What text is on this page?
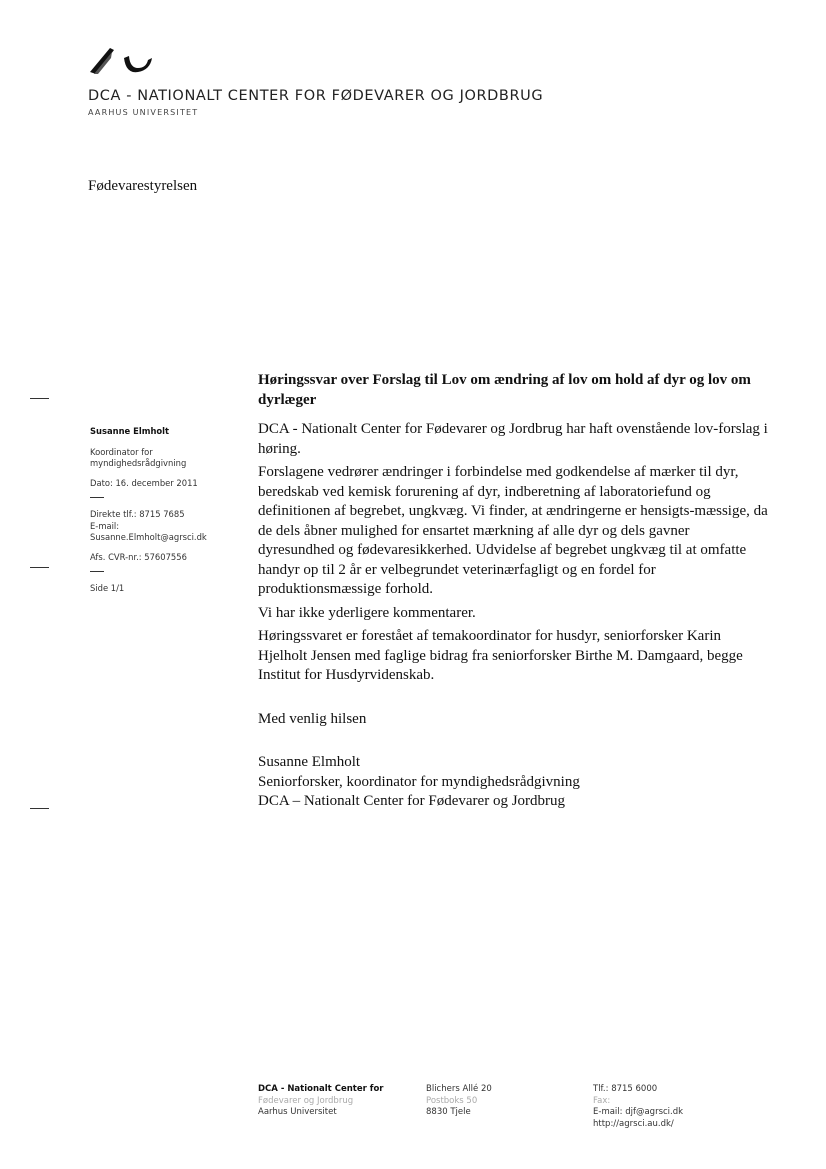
DCA - NATIONALT CENTER FOR FØDEVARER OG JORDBRUG
AARHUS UNIVERSITET
Fødevarestyrelsen
Høringssvar over Forslag til Lov om ændring af lov om hold af dyr og lov om dyrlæger
Susanne Elmholt
Koordinator for myndighedsrådgivning
Dato: 16. december 2011
Direkte tlf.: 8715 7685
E-mail:
Susanne.Elmholt@agrsci.dk
Afs. CVR-nr.: 57607556
Side 1/1

DCA - Nationalt Center for Fødevarer og Jordbrug har haft ovenstående lov-forslag i høring.

Forslagene vedrører ændringer i forbindelse med godkendelse af mærker til dyr, beredskab ved kemisk forurening af dyr, indberetning af laboratoriefund og definitionen af begrebet, ungkvæg. Vi finder, at ændringerne er hensigts-mæssige, da de dels åbner mulighed for ensartet mærkning af alle dyr og dels gavner dyresundhed og fødevaresikkerhed. Udvidelse af begrebet ungkvæg til at omfatte handyr op til 2 år er velbegrundet veterinærfagligt og en fordel for produktionsmæssige forhold.

Vi har ikke yderligere kommentarer.

Høringssvaret er forestået af temakoordinator for husdyr, seniorforsker Karin Hjelholt Jensen med faglige bidrag fra seniorforsker Birthe M. Damgaard, begge Institut for Husdyrvidenskab.

Med venlig hilsen

Susanne Elmholt

Seniorforsker, koordinator for myndighedsrådgivning

DCA – Nationalt Center for Fødevarer og Jordbrug

DCA - Nationalt Center for
Fødevarer og Jordbrug
Aarhus Universitet
Blichers Allé 20
Postboks 50
8830 Tjele
Tlf.: 8715 6000
Fax:
E-mail: djf@agrsci.dk
http://agrsci.au.dk/
